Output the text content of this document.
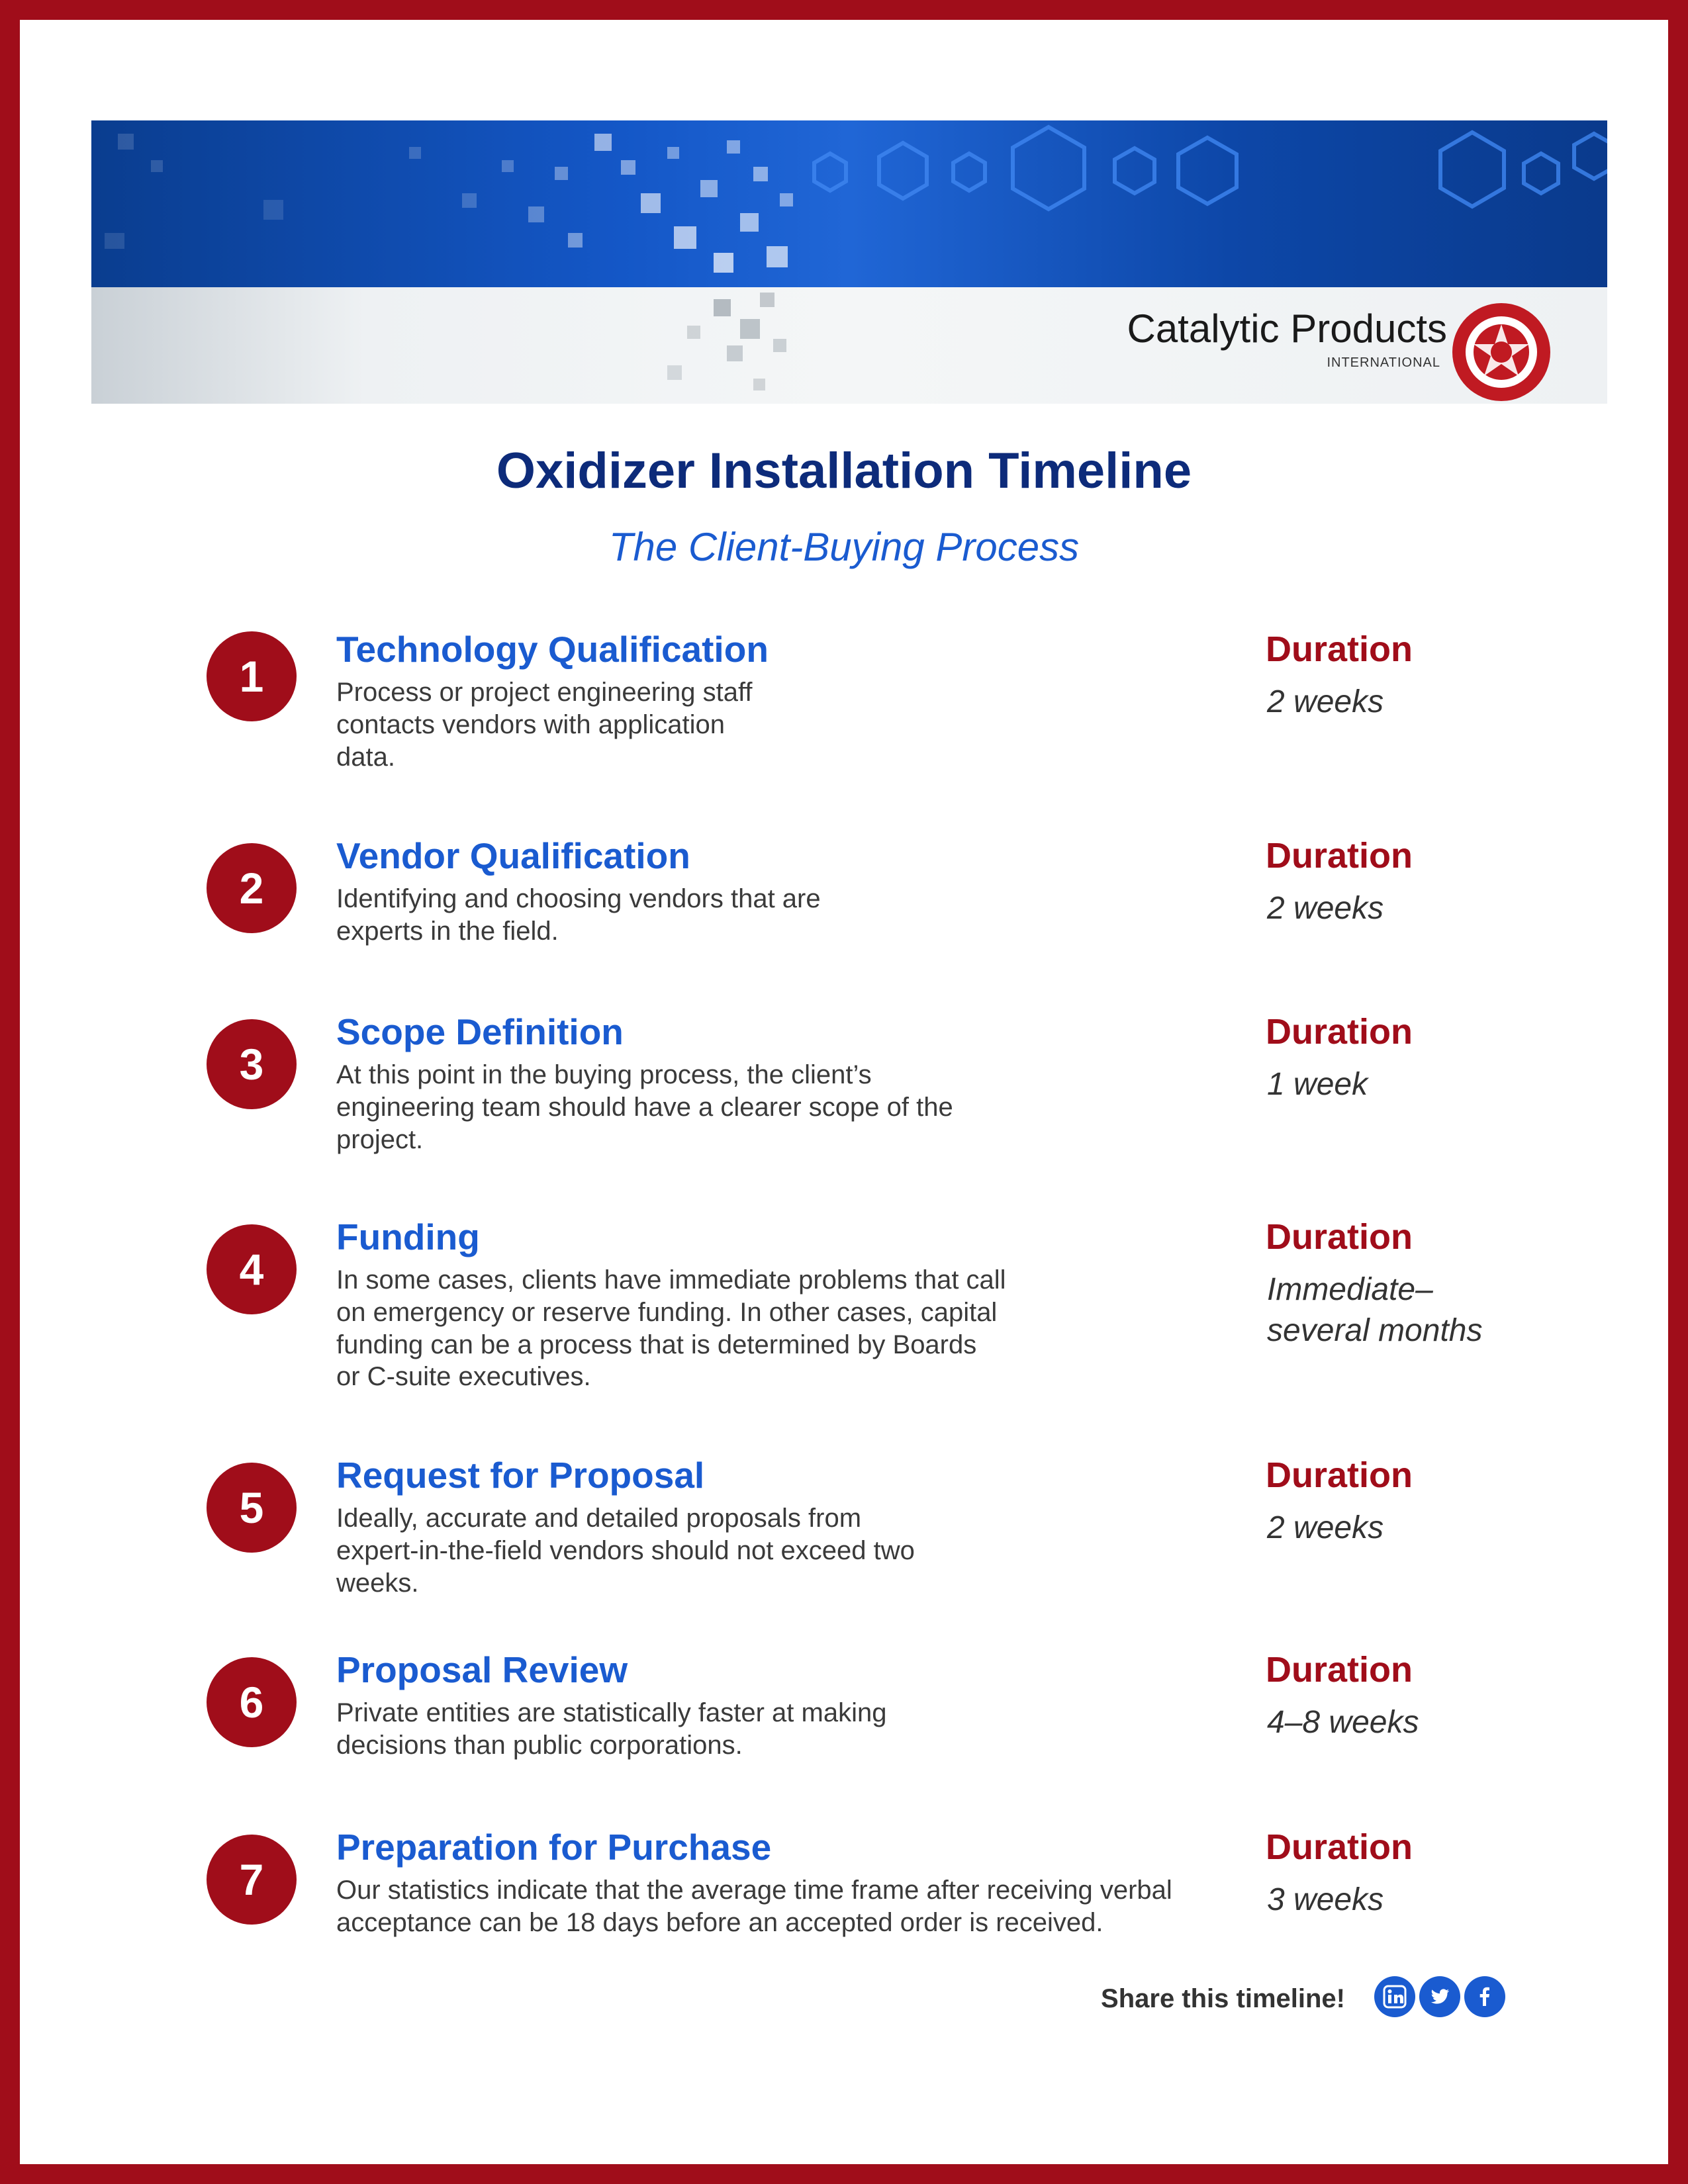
Catalytic Products
INTERNATIONAL
Oxidizer Installation Timeline

The Client-Buying Process

1
Technology Qualification

Process or project engineering staff
contacts vendors with application
data.

Duration
2 weeks
2
Vendor Qualification

Identifying and choosing vendors that are
experts in the field.

Duration
2 weeks
3
Scope Definition

At this point in the buying process, the client’s
engineering team should have a clearer scope of the
project.

Duration
1 week
4
Funding

In some cases, clients have immediate problems that call
on emergency or reserve funding. In other cases, capital
funding can be a process that is determined by Boards
or C-suite executives.

Duration
Immediate–
several months
5
Request for Proposal

Ideally, accurate and detailed proposals from
expert-in-the-field vendors should not exceed two
weeks.

Duration
2 weeks
6
Proposal Review

Private entities are statistically faster at making
decisions than public corporations.

Duration
4–8 weeks
7
Preparation for Purchase

Our statistics indicate that the average time frame after receiving verbal
acceptance can be 18 days before an accepted order is received.

Duration
3 weeks
Share this timeline!
